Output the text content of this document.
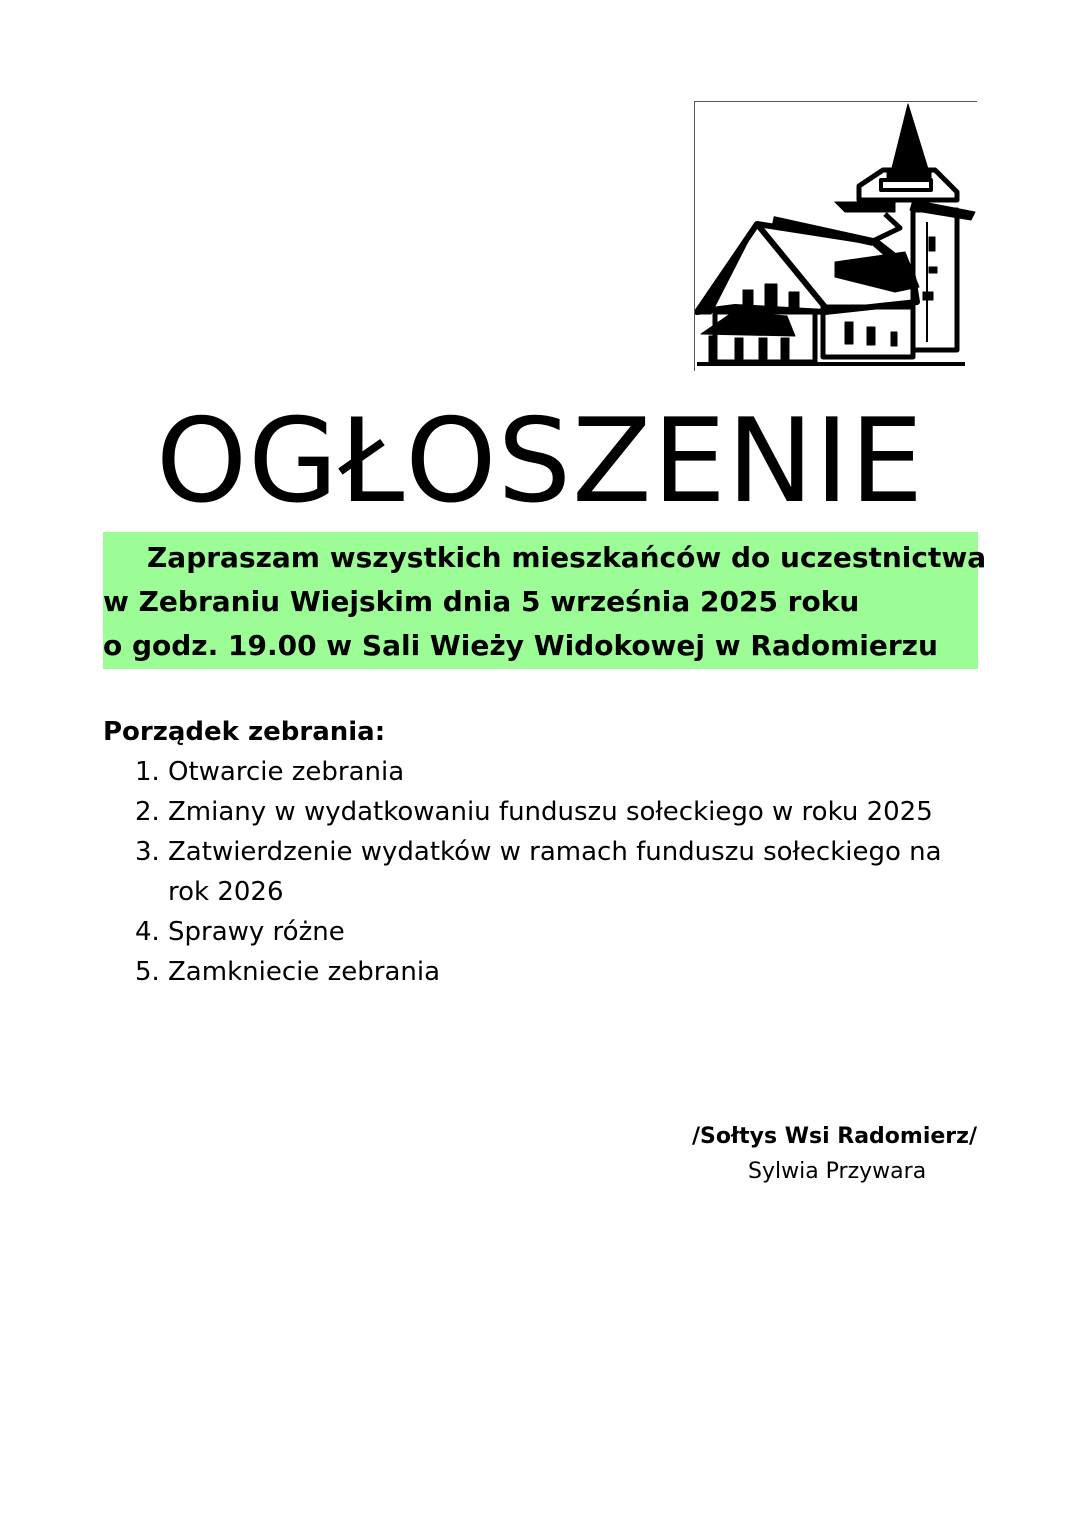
OGŁOSZENIE

Zapraszam wszystkich mieszkańców do uczestnictwa

w Zebraniu Wiejskim dnia 5 września 2025 roku

o godz. 19.00 w Sali Wieży Widokowej w Radomierzu

Porządek zebrania:
1. Otwarcie zebrania
2. Zmiany w wydatkowaniu funduszu sołeckiego w roku 2025
3. Zatwierdzenie wydatków w ramach funduszu sołeckiego na rok 2026
4. Sprawy różne
5. Zamkniecie zebrania

/Sołtys Wsi Radomierz/

Sylwia Przywara
